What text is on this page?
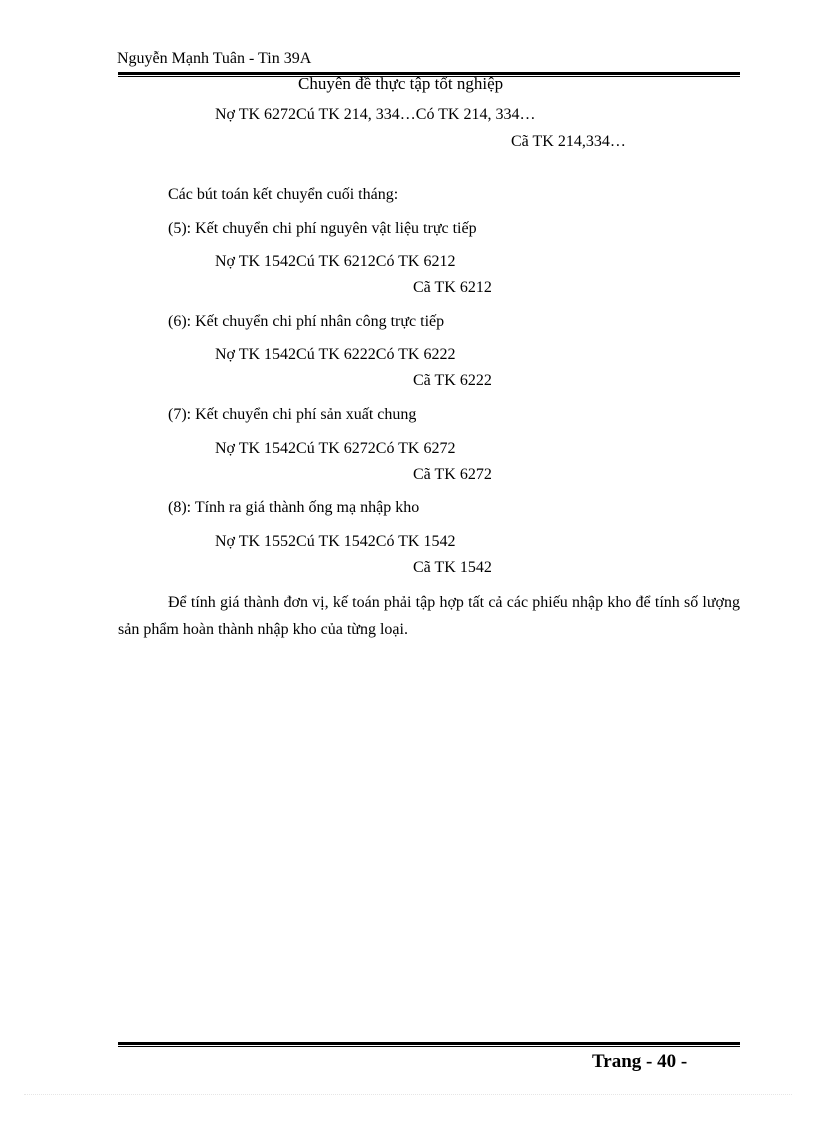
Nguyễn Mạnh Tuân - Tin 39A
Chuyên đề thực tập tốt nghiệp
Nợ TK 6272Cú TK 214, 334…Có TK 214, 334…
Cã TK 214,334…
Các bút toán kết chuyển cuối tháng:
(5): Kết chuyển chi phí nguyên vật liệu trực tiếp
Nợ TK 1542Cú TK 6212Có TK 6212
Cã TK 6212
(6): Kết chuyển chi phí nhân công trực tiếp
Nợ TK 1542Cú TK 6222Có TK 6222
Cã TK 6222
(7): Kết chuyển chi phí sản xuất chung
Nợ TK 1542Cú TK 6272Có TK 6272
Cã TK 6272
(8): Tính ra giá thành ống mạ nhập kho
Nợ TK 1552Cú TK 1542Có TK 1542
Cã TK 1542
Để tính giá thành đơn vị, kế toán phải tập hợp tất cả các phiếu nhập kho để tính số lượng sản phẩm hoàn thành nhập kho của từng loại.
Trang - 40 -
